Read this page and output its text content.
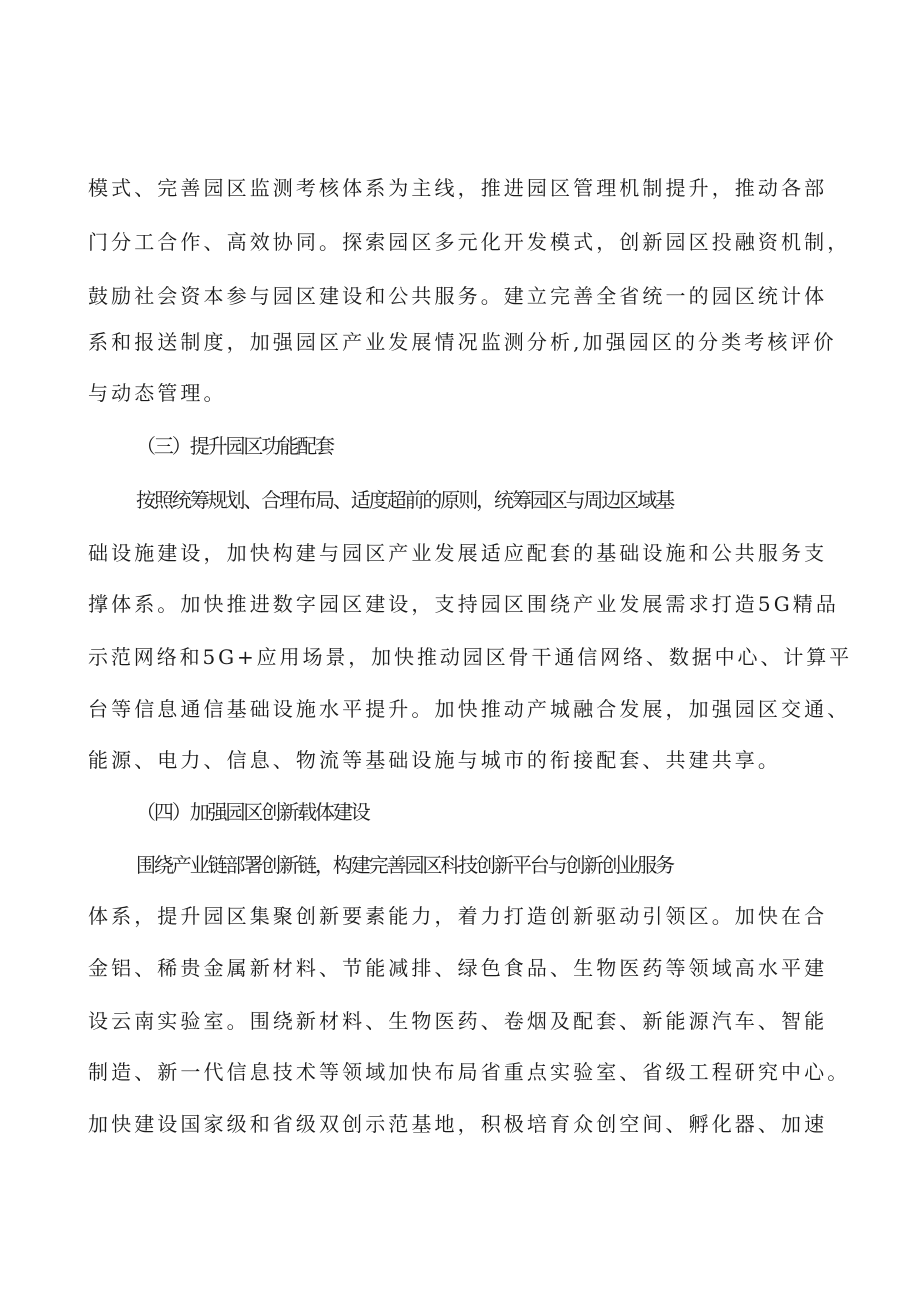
模式、完善园区监测考核体系为主线，推进园区管理机制提升，推动各部
门分工合作、高效协同。探索园区多元化开发模式，创新园区投融资机制，
鼓励社会资本参与园区建设和公共服务。建立完善全省统一的园区统计体
系和报送制度，加强园区产业发展情况监测分析,加强园区的分类考核评价
与动态管理。
（三）提升园区功能配套
按照统筹规划、合理布局、适度超前的原则，统筹园区与周边区域基
础设施建设，加快构建与园区产业发展适应配套的基础设施和公共服务支
撑体系。加快推进数字园区建设，支持园区围绕产业发展需求打造5G精品
示范网络和5G+应用场景，加快推动园区骨干通信网络、数据中心、计算平
台等信息通信基础设施水平提升。加快推动产城融合发展，加强园区交通、
能源、电力、信息、物流等基础设施与城市的衔接配套、共建共享。
（四）加强园区创新载体建设
围绕产业链部署创新链，构建完善园区科技创新平台与创新创业服务
体系，提升园区集聚创新要素能力，着力打造创新驱动引领区。加快在合
金铝、稀贵金属新材料、节能减排、绿色食品、生物医药等领域高水平建
设云南实验室。围绕新材料、生物医药、卷烟及配套、新能源汽车、智能
制造、新一代信息技术等领域加快布局省重点实验室、省级工程研究中心。
加快建设国家级和省级双创示范基地，积极培育众创空间、孵化器、加速
